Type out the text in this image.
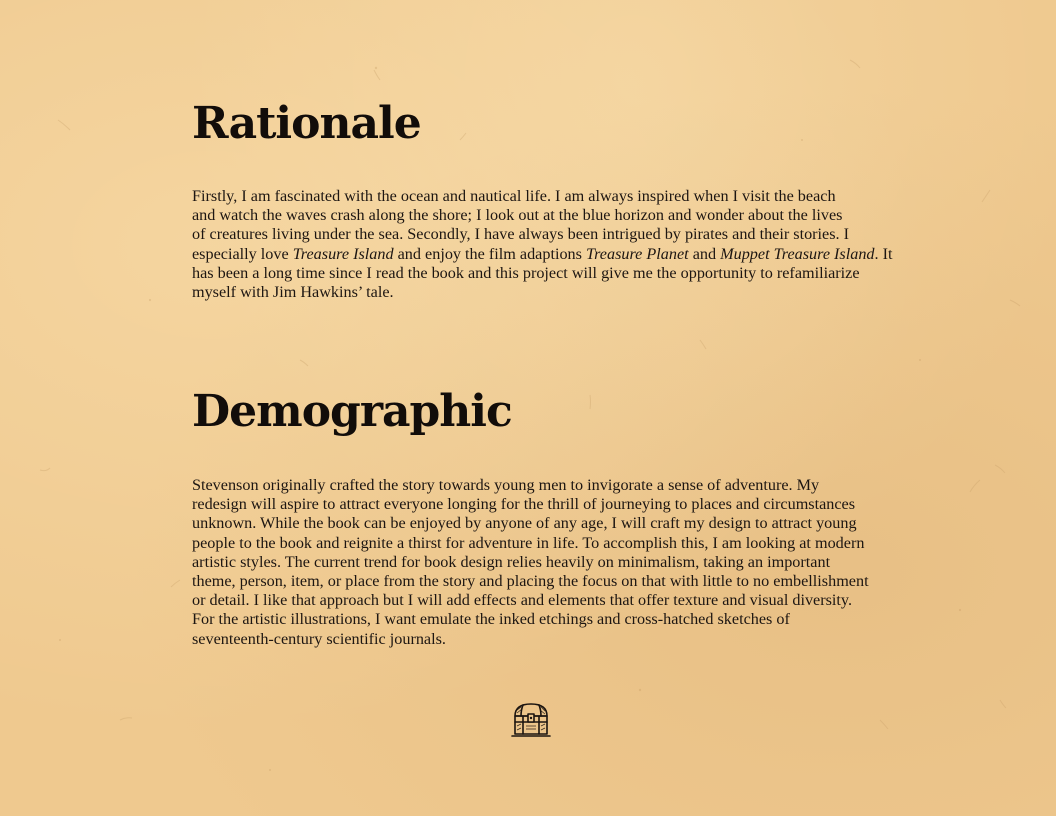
Rationale

Firstly, I am fascinated with the ocean and nautical life. I am always inspired when I visit the beach
and watch the waves crash along the shore; I look out at the blue horizon and wonder about the lives
of creatures living under the sea. Secondly, I have always been intrigued by pirates and their stories. I
especially love Treasure Island and enjoy the film adaptions Treasure Planet and Muppet Treasure Island. It
has been a long time since I read the book and this project will give me the opportunity to refamiliarize
myself with Jim Hawkins’ tale.

Demographic

Stevenson originally crafted the story towards young men to invigorate a sense of adventure. My
redesign will aspire to attract everyone longing for the thrill of journeying to places and circumstances
unknown. While the book can be enjoyed by anyone of any age, I will craft my design to attract young
people to the book and reignite a thirst for adventure in life. To accomplish this, I am looking at modern
artistic styles. The current trend for book design relies heavily on minimalism, taking an important
theme, person, item, or place from the story and placing the focus on that with little to no embellishment
or detail. I like that approach but I will add effects and elements that offer texture and visual diversity.
For the artistic illustrations, I want emulate the inked etchings and cross-hatched sketches of
seventeenth-century scientific journals.
